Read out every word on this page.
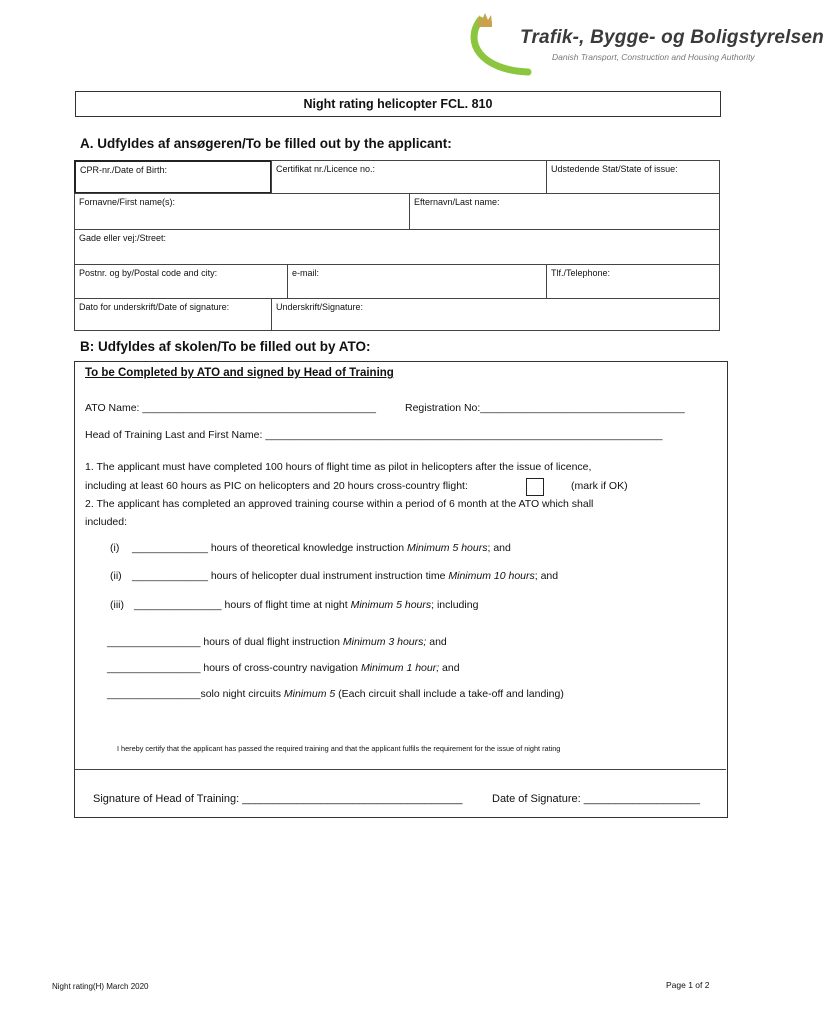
Trafik-, Bygge- og Boligstyrelsen
Danish Transport, Construction and Housing Authority
Night rating helicopter FCL. 810
A. Udfyldes af ansøgeren/To be filled out by the applicant:
CPR-nr./Date of Birth:	Certifikat nr./Licence no.:	Udstedende Stat/State of issue:
Fornavne/First name(s):	Efternavn/Last name:
Gade eller vej:/Street:
Postnr. og by/Postal code and city:	e-mail:	Tlf./Telephone:
Dato for underskrift/Date of signature:	Underskrift/Signature:
B: Udfyldes af skolen/To be filled out by ATO:
To be Completed by ATO and signed by Head of Training
ATO Name: ________________________________________	Registration No:___________________________________
Head of Training Last and First Name: ____________________________________________________________________
1. The applicant must have completed 100 hours of flight time as pilot in helicopters after the issue of licence,
including at least 60 hours as PIC on helicopters and 20 hours cross-country flight:	(mark if OK)
2. The applicant has completed an approved training course within a period of 6 month at the ATO which shall
included:
(i) _____________ hours of theoretical knowledge instruction Minimum 5 hours; and
(ii) _____________ hours of helicopter dual instrument instruction time Minimum 10 hours; and
(iii) _______________ hours of flight time at night Minimum 5 hours; including
________________ hours of dual flight instruction Minimum 3 hours; and
________________ hours of cross-country navigation Minimum 1 hour; and
________________solo night circuits Minimum 5 (Each circuit shall include a take-off and landing)
I hereby certify that the applicant has passed the required training and that the applicant fulfils the requirement for the issue of night rating
Signature of Head of Training: ____________________________________	Date of Signature: ___________________
Night rating(H) March 2020	Page 1 of 2
